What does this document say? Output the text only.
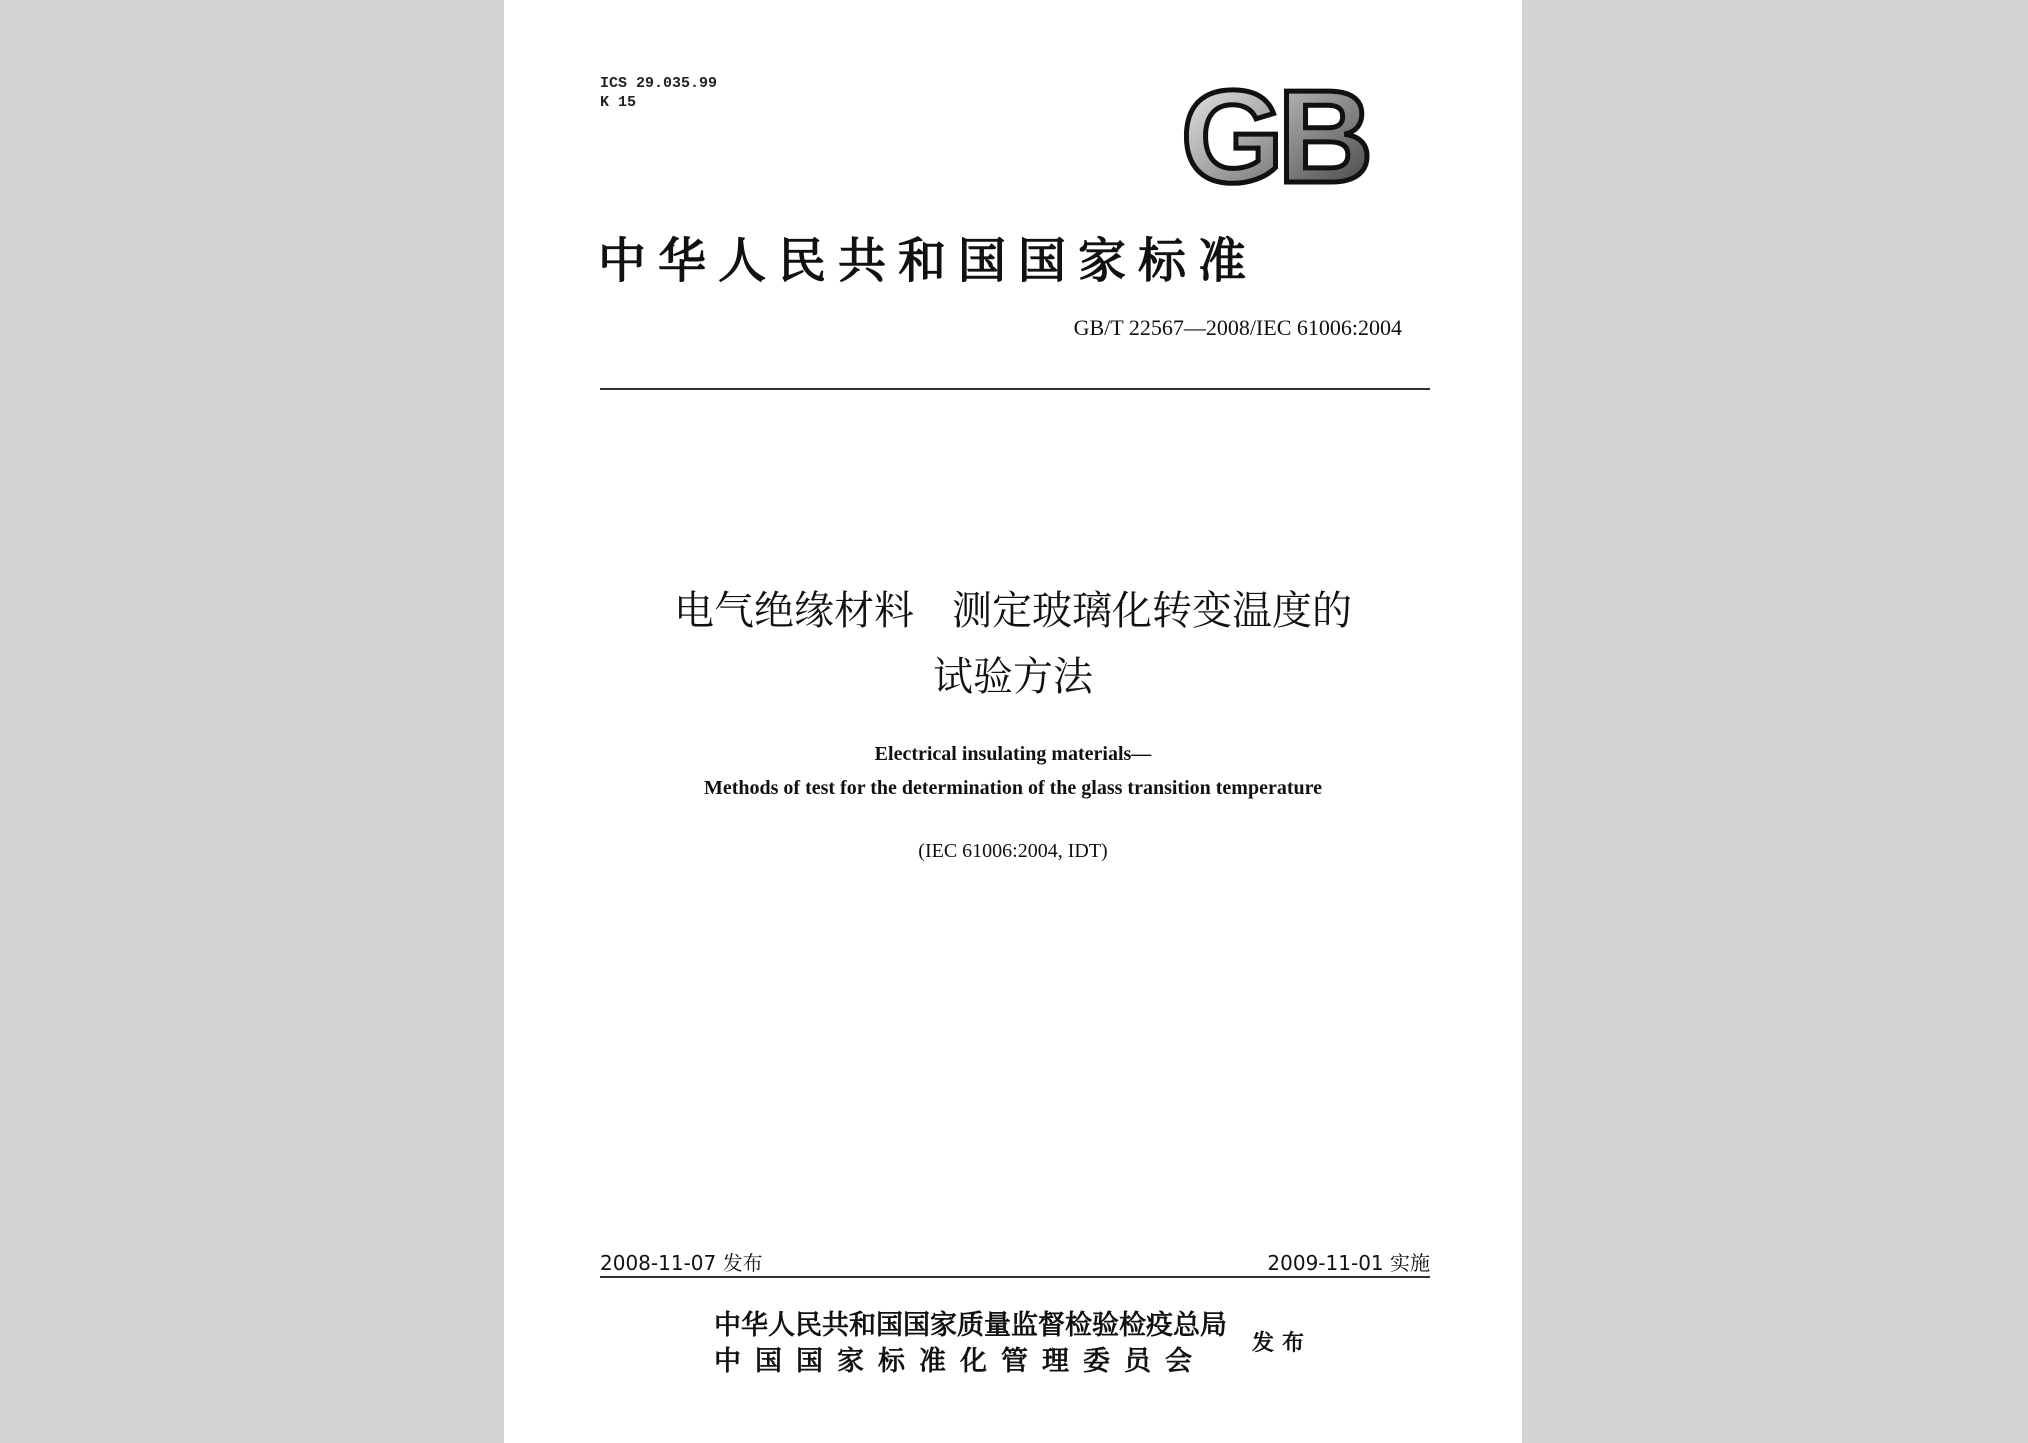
ICS 29.035.99
K 15	GB
中华人民共和国国家标准
GB/T 22567—2008/IEC 61006:2004
电气绝缘材料 测定玻璃化转变温度的
试验方法
Electrical insulating materials—
Methods of test for the determination of the glass transition temperature
(IEC 61006:2004, IDT)
2008-11-07 发布	2009-11-01 实施
中华人民共和国国家质量监督检验检疫总局
中国国家标准化管理委员会
发布
